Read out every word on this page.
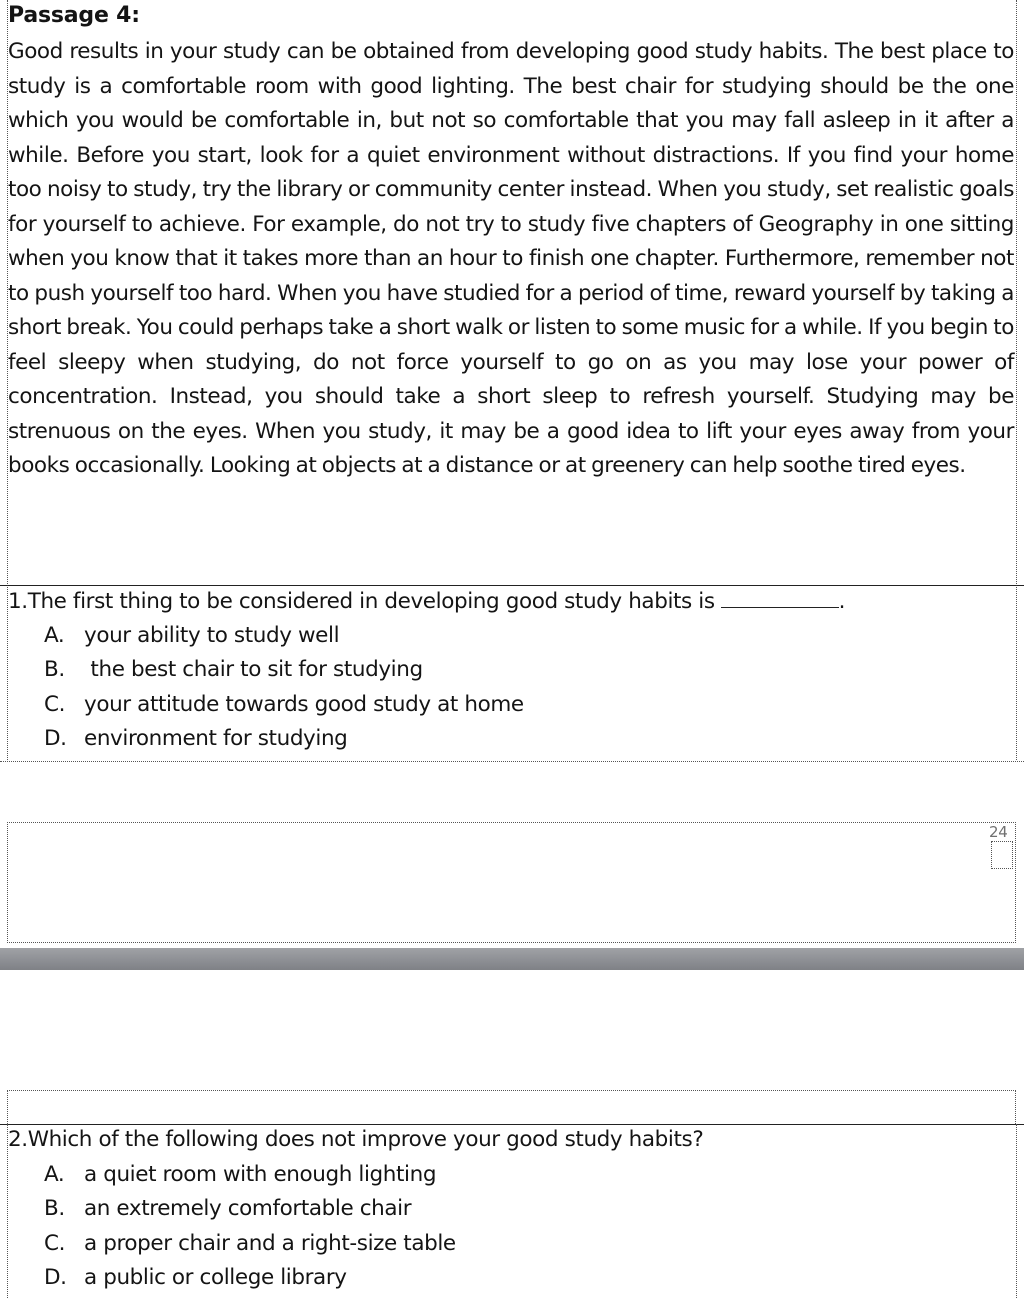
Passage 4:
Good results in your study can be obtained from developing good study habits. The best place to study is a comfortable room with good lighting. The best chair for studying should be the one which you would be comfortable in, but not so comfortable that you may fall asleep in it after a while. Before you start, look for a quiet environment without distractions. If you find your home too noisy to study, try the library or community center instead. When you study, set realistic goals for yourself to achieve. For example, do not try to study five chapters of Geography in one sitting when you know that it takes more than an hour to finish one chapter. Furthermore, remember not to push yourself too hard. When you have studied for a period of time, reward yourself by taking a short break. You could perhaps take a short walk or listen to some music for a while. If you begin to feel sleepy when studying, do not force yourself to go on as you may lose your power of concentration. Instead, you should take a short sleep to refresh yourself. Studying may be strenuous on the eyes. When you study, it may be a good idea to lift your eyes away from your books occasionally. Looking at objects at a distance or at greenery can help soothe tired eyes.
1.The first thing to be considered in developing good study habits is	.
A. your ability to study well
B. the best chair to sit for studying
C. your attitude towards good study at home
D. environment for studying
24
2.Which of the following does not improve your good study habits?
A. a quiet room with enough lighting
B. an extremely comfortable chair
C. a proper chair and a right-size table
D. a public or college library
